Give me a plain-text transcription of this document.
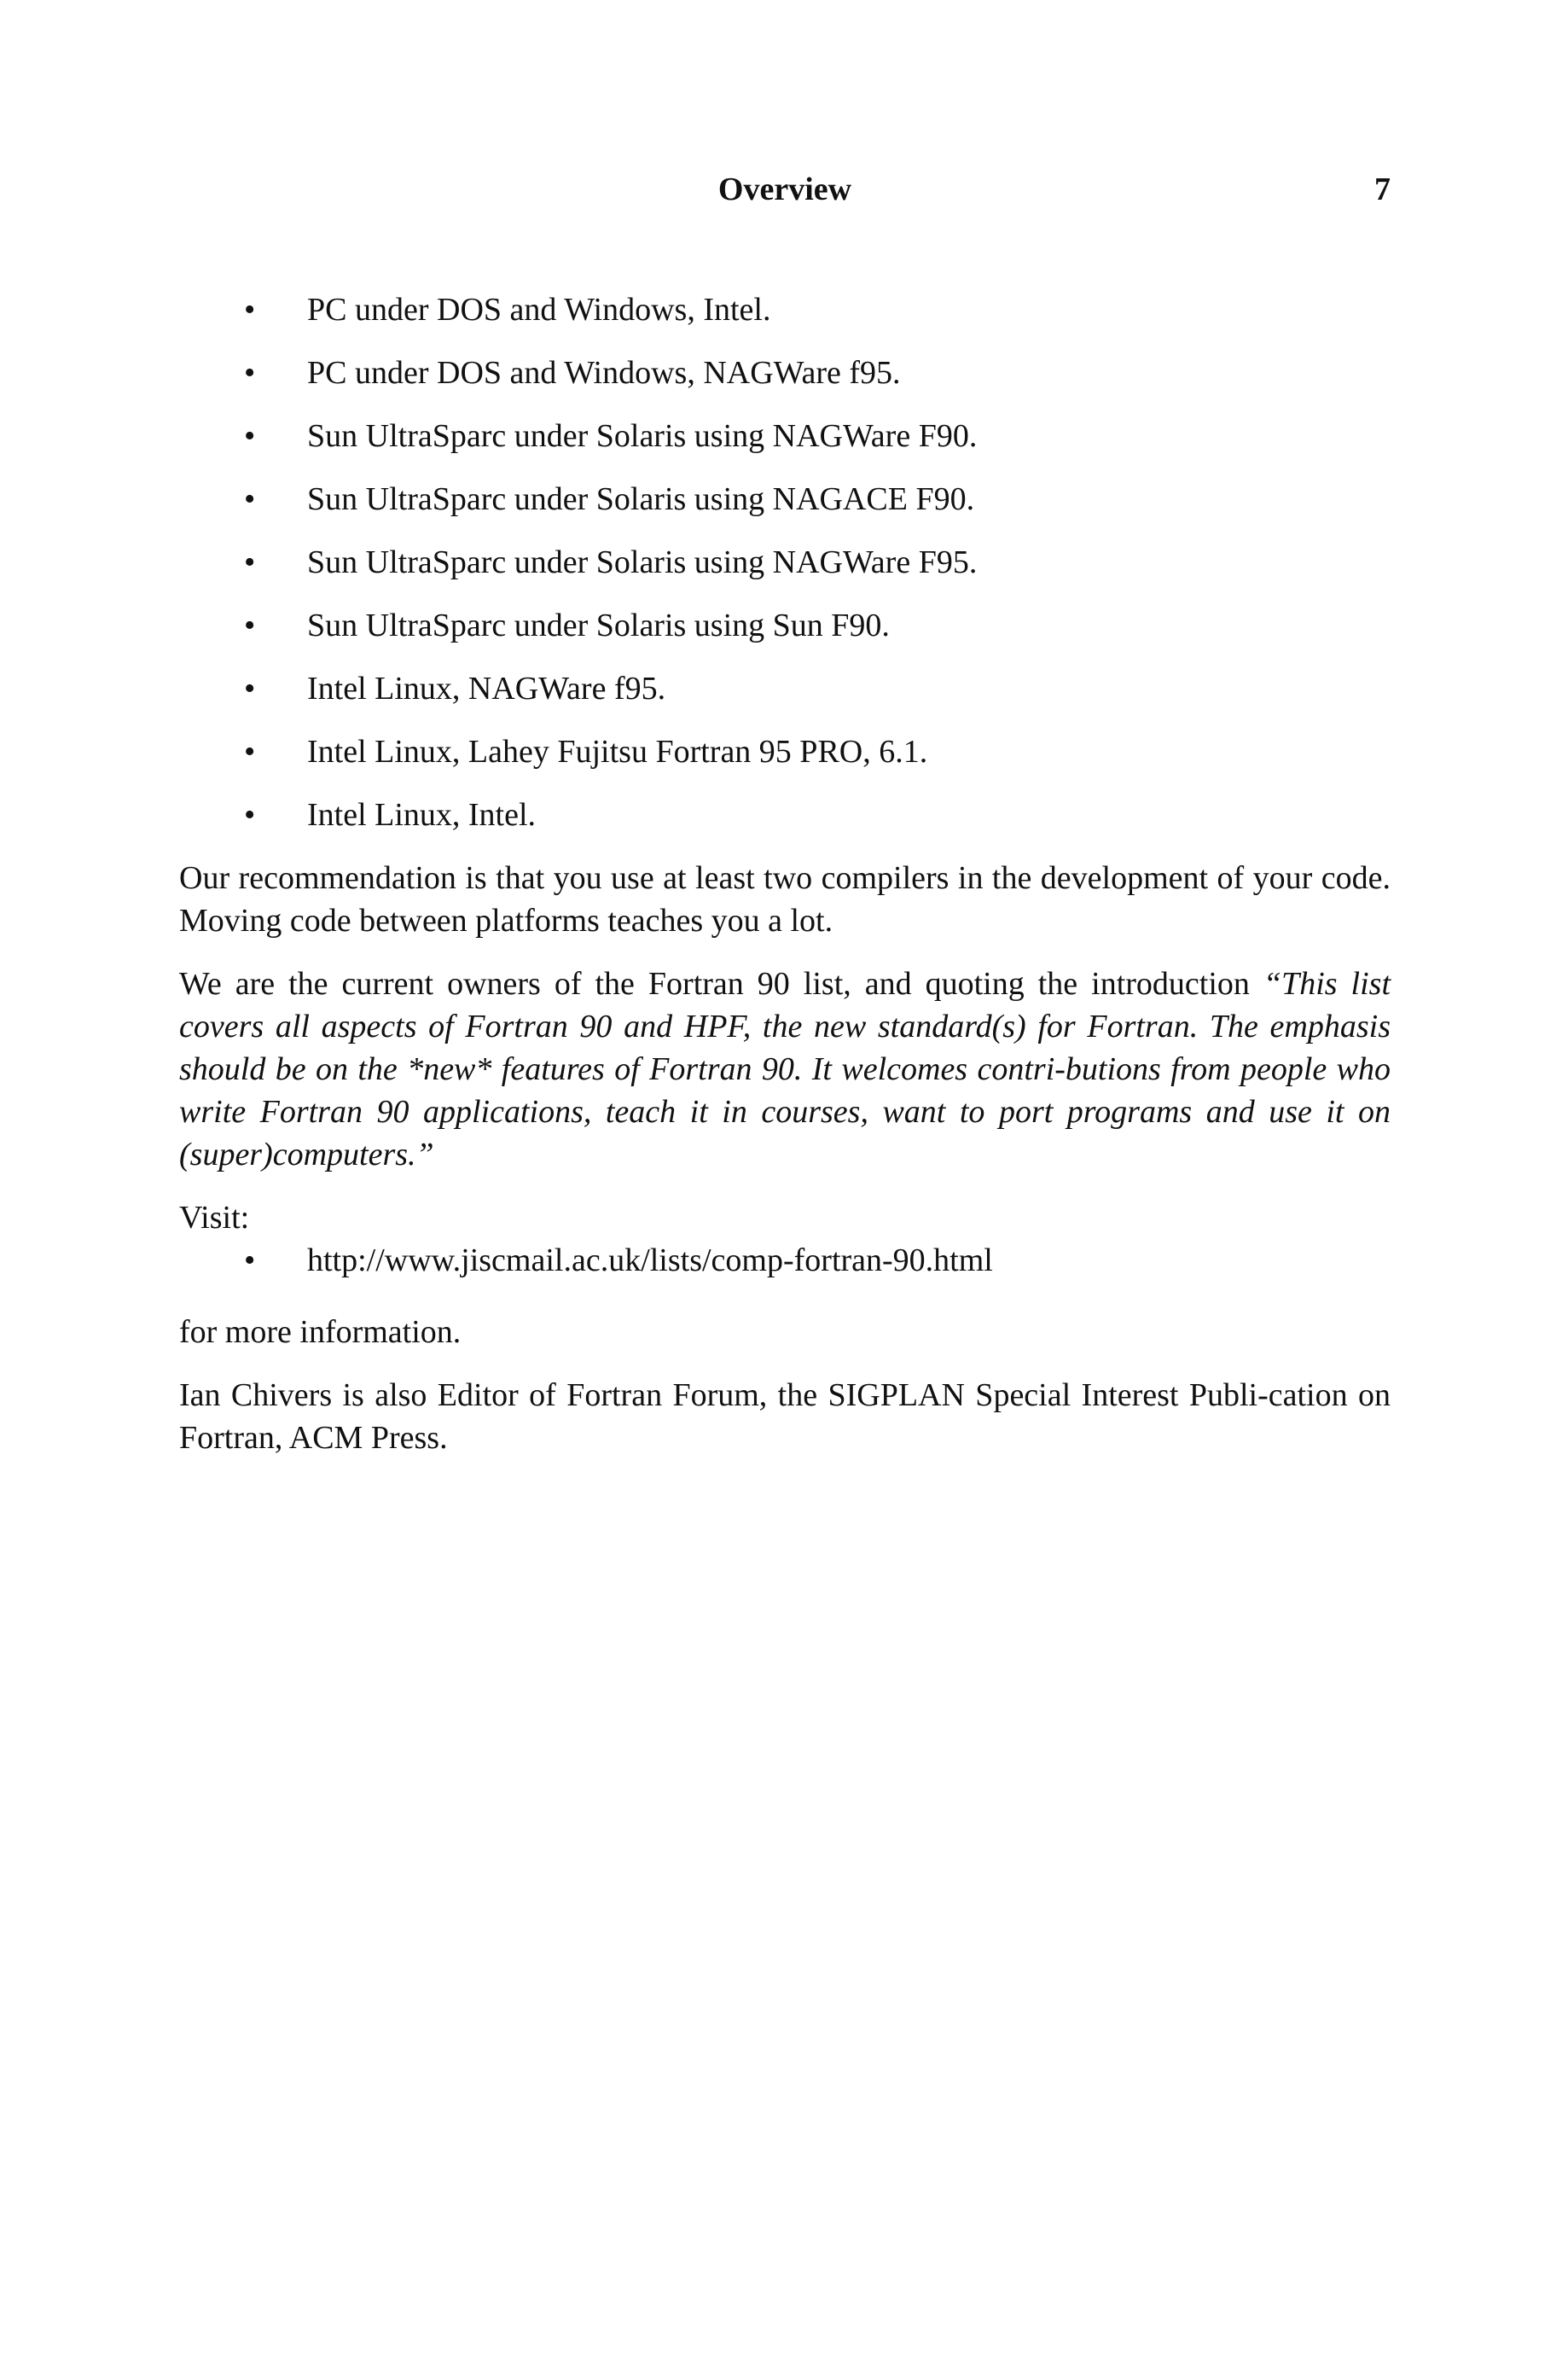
Overview	7
• PC under DOS and Windows, Intel.
• PC under DOS and Windows, NAGWare f95.
• Sun UltraSparc under Solaris using NAGWare F90.
• Sun UltraSparc under Solaris using NAGACE F90.
• Sun UltraSparc under Solaris using NAGWare F95.
• Sun UltraSparc under Solaris using Sun F90.
• Intel Linux, NAGWare f95.
• Intel Linux, Lahey Fujitsu Fortran 95 PRO, 6.1.
• Intel Linux, Intel.

Our recommendation is that you use at least two compilers in the development of your code. Moving code between platforms teaches you a lot.

We are the current owners of the Fortran 90 list, and quoting the introduction “This list covers all aspects of Fortran 90 and HPF, the new standard(s) for Fortran. The emphasis should be on the *new* features of Fortran 90. It welcomes contri-butions from people who write Fortran 90 applications, teach it in courses, want to port programs and use it on (super)computers.”

Visit:

• http://www.jiscmail.ac.uk/lists/comp-fortran-90.html

for more information.

Ian Chivers is also Editor of Fortran Forum, the SIGPLAN Special Interest Publi-cation on Fortran, ACM Press.
